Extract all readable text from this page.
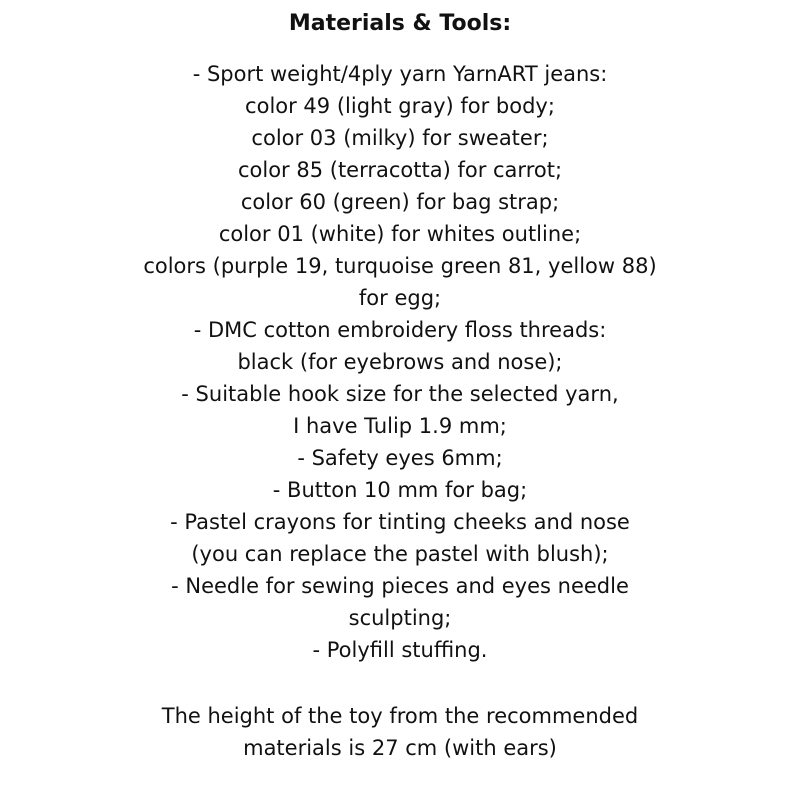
Materials & Tools:
- Sport weight/4ply yarn YarnART jeans:
color 49 (light gray) for body;
color 03 (milky) for sweater;
color 85 (terracotta) for carrot;
color 60 (green) for bag strap;
color 01 (white) for whites outline;
colors (purple 19, turquoise green 81, yellow 88)
for egg;
- DMC cotton embroidery floss threads:
black (for eyebrows and nose);
- Suitable hook size for the selected yarn,
I have Tulip 1.9 mm;
- Safety eyes 6mm;
- Button 10 mm for bag;
- Pastel crayons for tinting cheeks and nose
(you can replace the pastel with blush);
- Needle for sewing pieces and eyes needle
sculpting;
- Polyfill stuffing.
The height of the toy from the recommended
materials is 27 cm (with ears)
